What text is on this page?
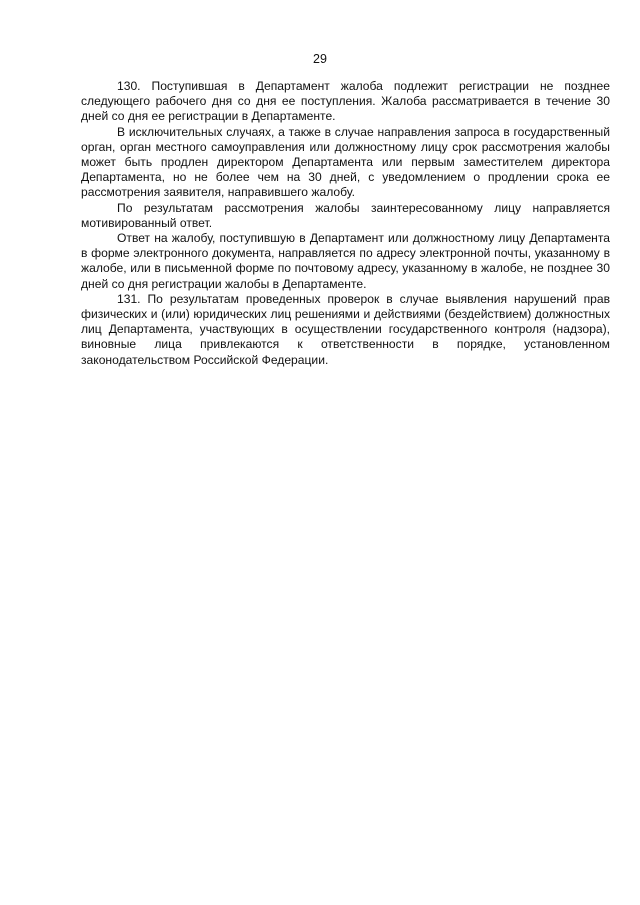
29

130. Поступившая в Департамент жалоба подлежит регистрации не позднее следующего рабочего дня со дня ее поступления. Жалоба рассматривается в течение 30 дней со дня ее регистрации в Департаменте.

В исключительных случаях, а также в случае направления запроса в государственный орган, орган местного самоуправления или должностному лицу срок рассмотрения жалобы может быть продлен директором Департамента или первым заместителем директора Департамента, но не более чем на 30 дней, с уведомлением о продлении срока ее рассмотрения заявителя, направившего жалобу.

По результатам рассмотрения жалобы заинтересованному лицу направляется мотивированный ответ.

Ответ на жалобу, поступившую в Департамент или должностному лицу Департамента в форме электронного документа, направляется по адресу электронной почты, указанному в жалобе, или в письменной форме по почтовому адресу, указанному в жалобе, не позднее 30 дней со дня регистрации жалобы в Департаменте.

131. По результатам проведенных проверок в случае выявления нарушений прав физических и (или) юридических лиц решениями и действиями (бездействием) должностных лиц Департамента, участвующих в осуществлении государственного контроля (надзора), виновные лица привлекаются к ответственности в порядке, установленном законодательством Российской Федерации.
